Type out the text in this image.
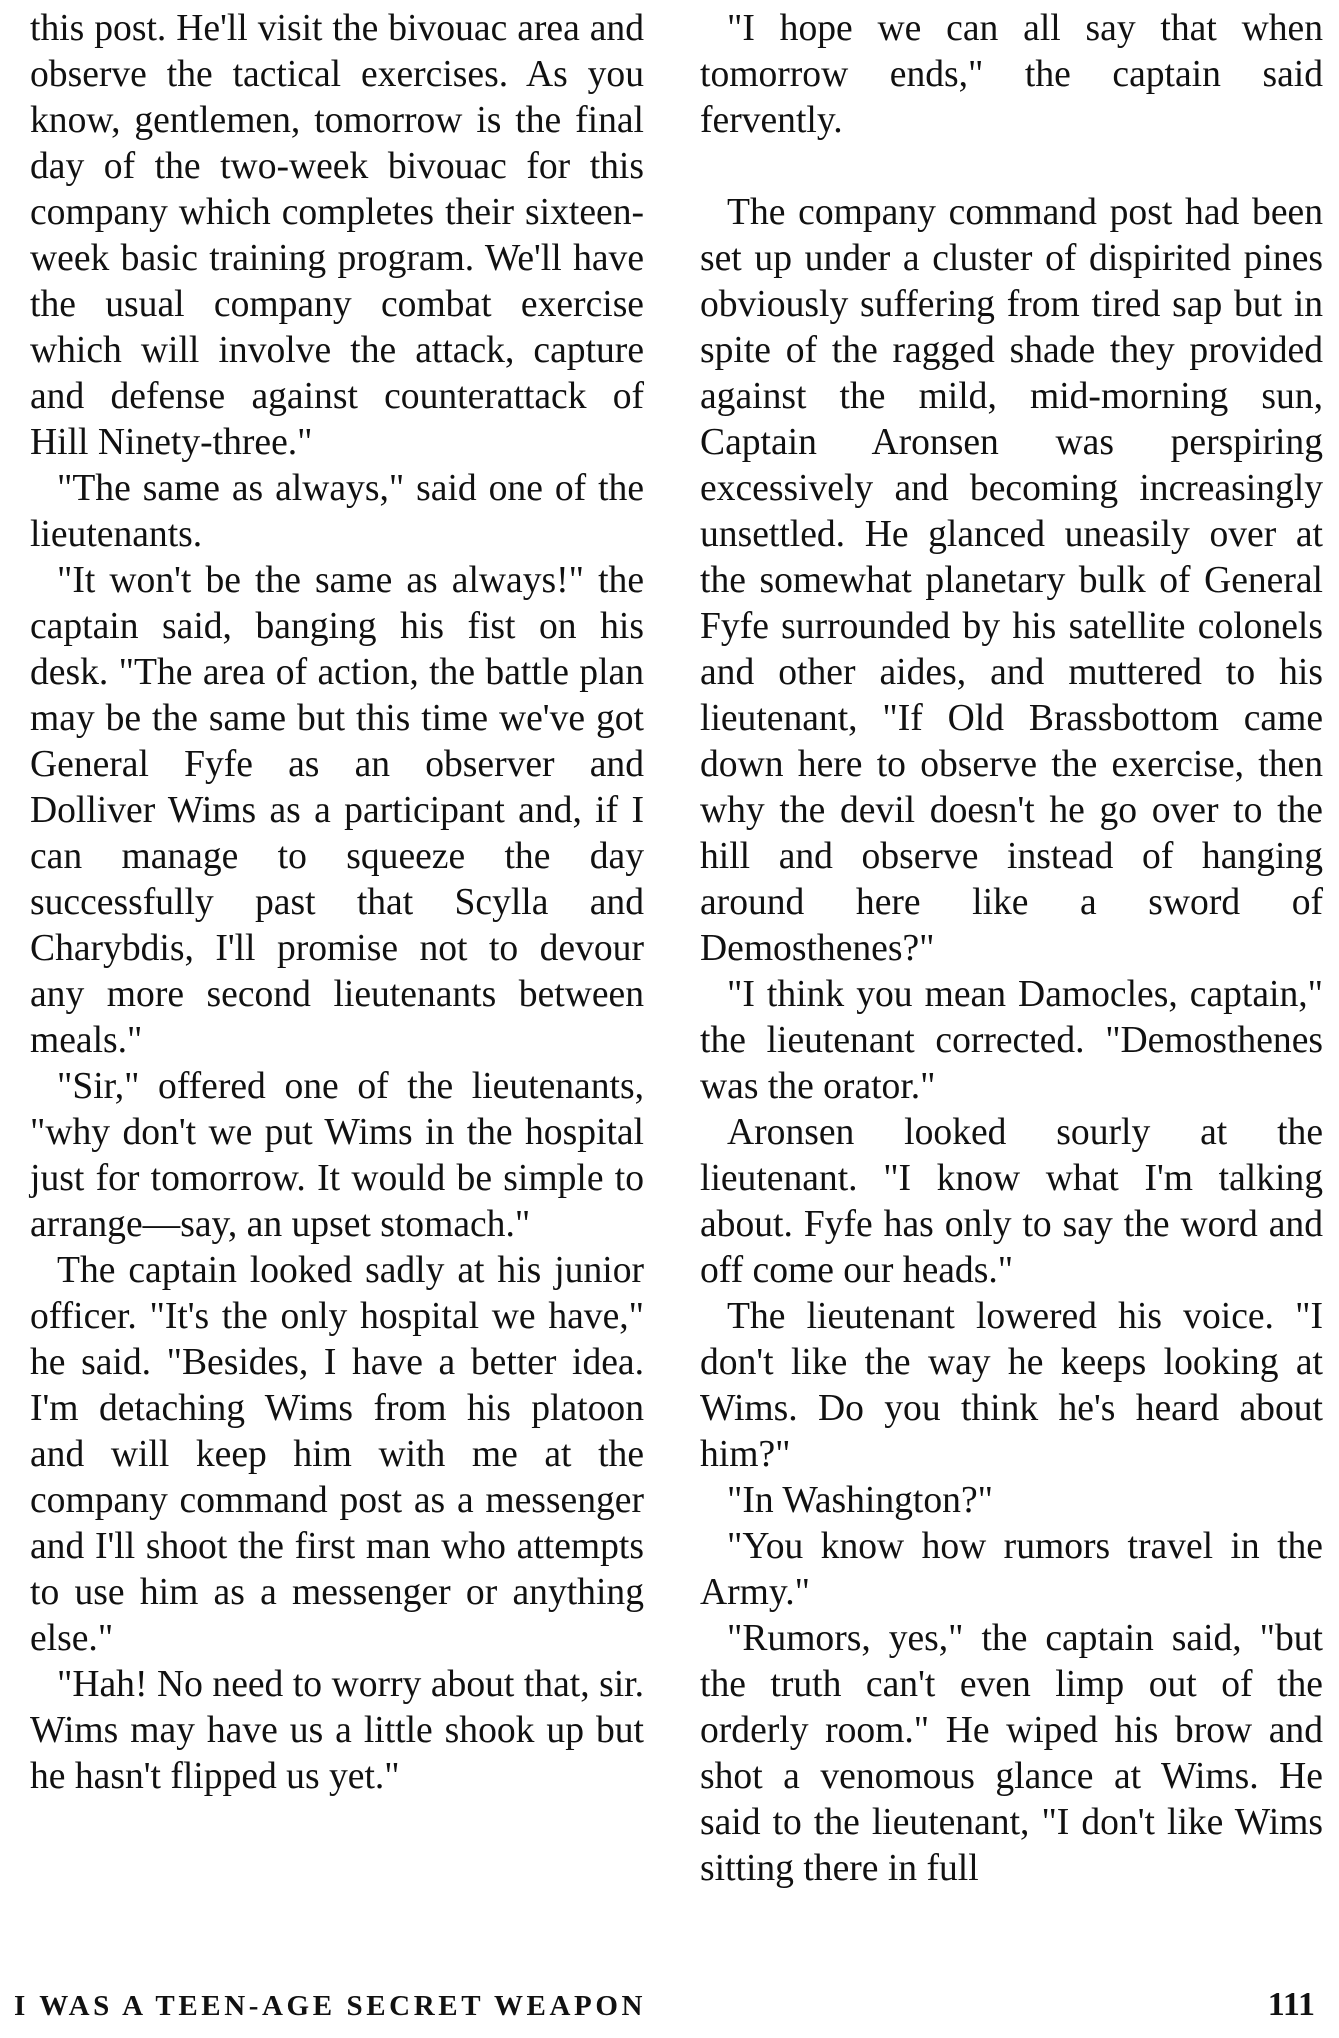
this post. He'll visit the bivouac area and observe the tactical exercises. As you know, gentlemen, tomorrow is the final day of the two-week bivouac for this company which completes their sixteen-week basic training program. We'll have the usual company combat exercise which will involve the attack, capture and defense against counterattack of Hill Ninety-three."

"The same as always," said one of the lieutenants.

"It won't be the same as always!" the captain said, banging his fist on his desk. "The area of action, the battle plan may be the same but this time we've got General Fyfe as an observer and Dolliver Wims as a participant and, if I can manage to squeeze the day successfully past that Scylla and Charybdis, I'll promise not to devour any more second lieutenants between meals."

"Sir," offered one of the lieutenants, "why don't we put Wims in the hospital just for tomorrow. It would be simple to arrange—say, an upset stomach."

The captain looked sadly at his junior officer. "It's the only hospital we have," he said. "Besides, I have a better idea. I'm detaching Wims from his platoon and will keep him with me at the company command post as a messenger and I'll shoot the first man who attempts to use him as a messenger or anything else."

"Hah! No need to worry about that, sir. Wims may have us a little shook up but he hasn't flipped us yet."

"I hope we can all say that when tomorrow ends," the captain said fervently.

The company command post had been set up under a cluster of dispirited pines obviously suffering from tired sap but in spite of the ragged shade they provided against the mild, mid-morning sun, Captain Aronsen was perspiring excessively and becoming increasingly unsettled. He glanced uneasily over at the somewhat planetary bulk of General Fyfe surrounded by his satellite colonels and other aides, and muttered to his lieutenant, "If Old Brassbottom came down here to observe the exercise, then why the devil doesn't he go over to the hill and observe instead of hanging around here like a sword of Demosthenes?"

"I think you mean Damocles, captain," the lieutenant corrected. "Demosthenes was the orator."

Aronsen looked sourly at the lieutenant. "I know what I'm talking about. Fyfe has only to say the word and off come our heads."

The lieutenant lowered his voice. "I don't like the way he keeps looking at Wims. Do you think he's heard about him?"

"In Washington?"

"You know how rumors travel in the Army."

"Rumors, yes," the captain said, "but the truth can't even limp out of the orderly room." He wiped his brow and shot a venomous glance at Wims. He said to the lieutenant, "I don't like Wims sitting there in full

I WAS A TEEN-AGE SECRET WEAPON	111
